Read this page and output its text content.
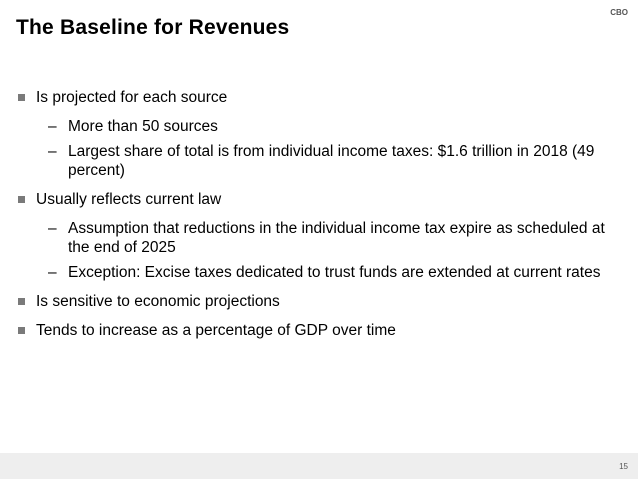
CBO
The Baseline for Revenues
Is projected for each source
– More than 50 sources
– Largest share of total is from individual income taxes: $1.6 trillion in 2018 (49 percent)
Usually reflects current law
– Assumption that reductions in the individual income tax expire as scheduled at the end of 2025
– Exception: Excise taxes dedicated to trust funds are extended at current rates
Is sensitive to economic projections
Tends to increase as a percentage of GDP over time
15
